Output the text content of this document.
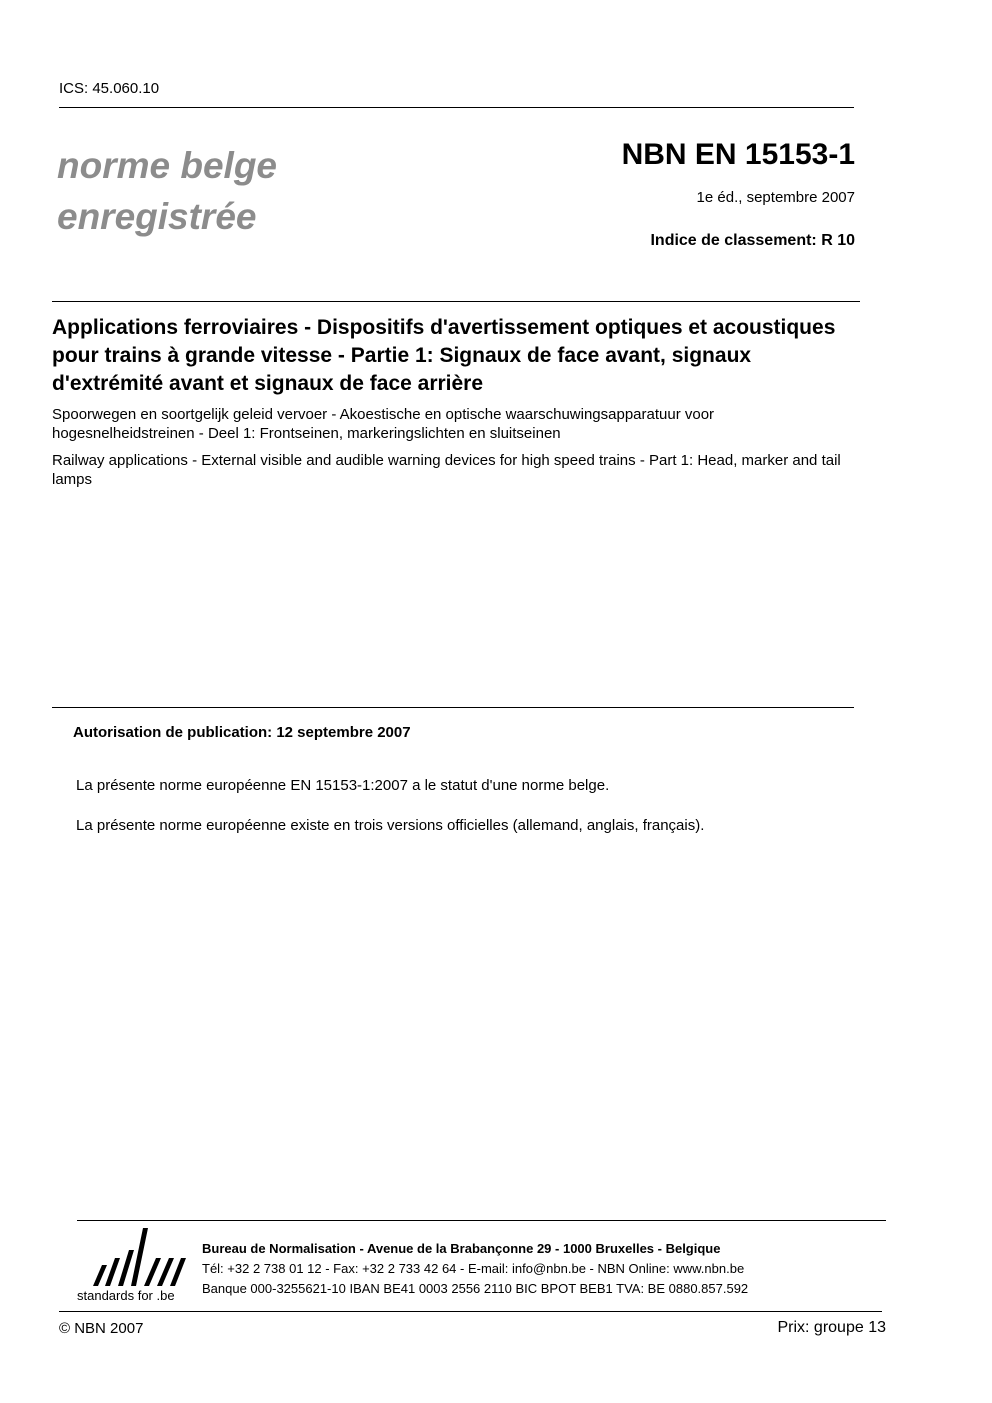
ICS: 45.060.10
norme belge
enregistrée
NBN EN 15153-1
1e éd., septembre 2007
Indice de classement: R 10
Applications ferroviaires - Dispositifs d'avertissement optiques et acoustiques pour trains à grande vitesse - Partie 1: Signaux de face avant, signaux d'extrémité avant et signaux de face arrière
Spoorwegen en soortgelijk geleid vervoer - Akoestische en optische waarschuwingsapparatuur voor hogesnelheidstreinen - Deel 1: Frontseinen, markeringslichten en sluitseinen
Railway applications - External visible and audible warning devices for high speed trains - Part 1: Head, marker and tail lamps
Autorisation de publication: 12 septembre 2007
La présente norme européenne EN 15153-1:2007 a le statut d'une norme belge.
La présente norme européenne existe en trois versions officielles (allemand, anglais, français).
standards for .be
Bureau de Normalisation - Avenue de la Brabançonne 29 - 1000 Bruxelles - Belgique
Tél: +32 2 738 01 12 - Fax: +32 2 733 42 64 - E-mail: info@nbn.be - NBN Online: www.nbn.be
Banque 000-3255621-10 IBAN BE41 0003 2556 2110 BIC BPOT BEB1 TVA: BE 0880.857.592
© NBN 2007	Prix: groupe 13
